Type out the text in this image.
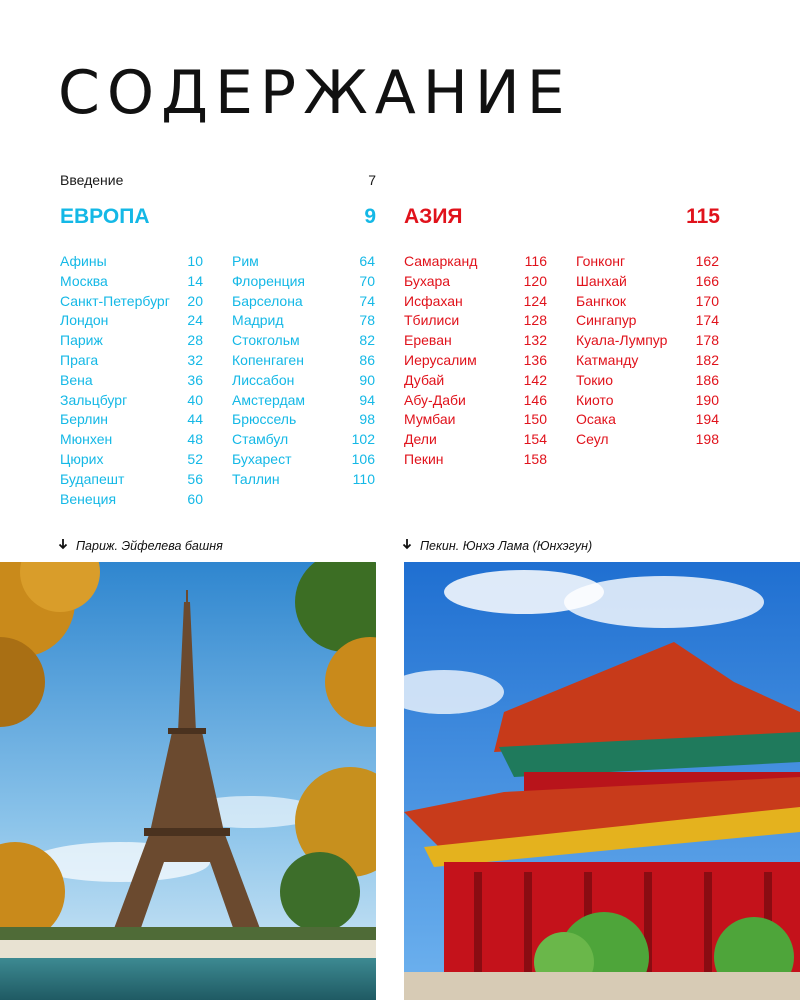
СОДЕРЖАНИЕ
Введение	7
ЕВРОПА	9 АЗИЯ	115
Афины	10
Москва	14
Санкт-Петербург 20
Лондон	24
Париж	28
Прага	32
Вена	36
Зальцбург	40
Берлин	44
Мюнхен	48
Цюрих	52
Будапешт	56
Венеция	60
Рим	64
Флоренция	70
Барселона	74
Мадрид	78
Стокгольм	82
Копенгаген	86
Лиссабон	90
Амстердам	94
Брюссель	98
Стамбул	102
Бухарест	106
Таллин	110
Самарканд	116
Бухара	120
Исфахан	124
Тбилиси	128
Ереван	132
Иерусалим	136
Дубай	142
Абу-Даби	146
Мумбаи	150
Дели	154
Пекин	158
Гонконг	162
Шанхай	166
Бангкок	170
Сингапур	174
Куала-Лумпур 178
Катманду	182
Токио	186
Киото	190
Осака	194
Сеул	198
Париж. Эйфелева башня	Пекин. Юнхэ Лама (Юнхэгун)
